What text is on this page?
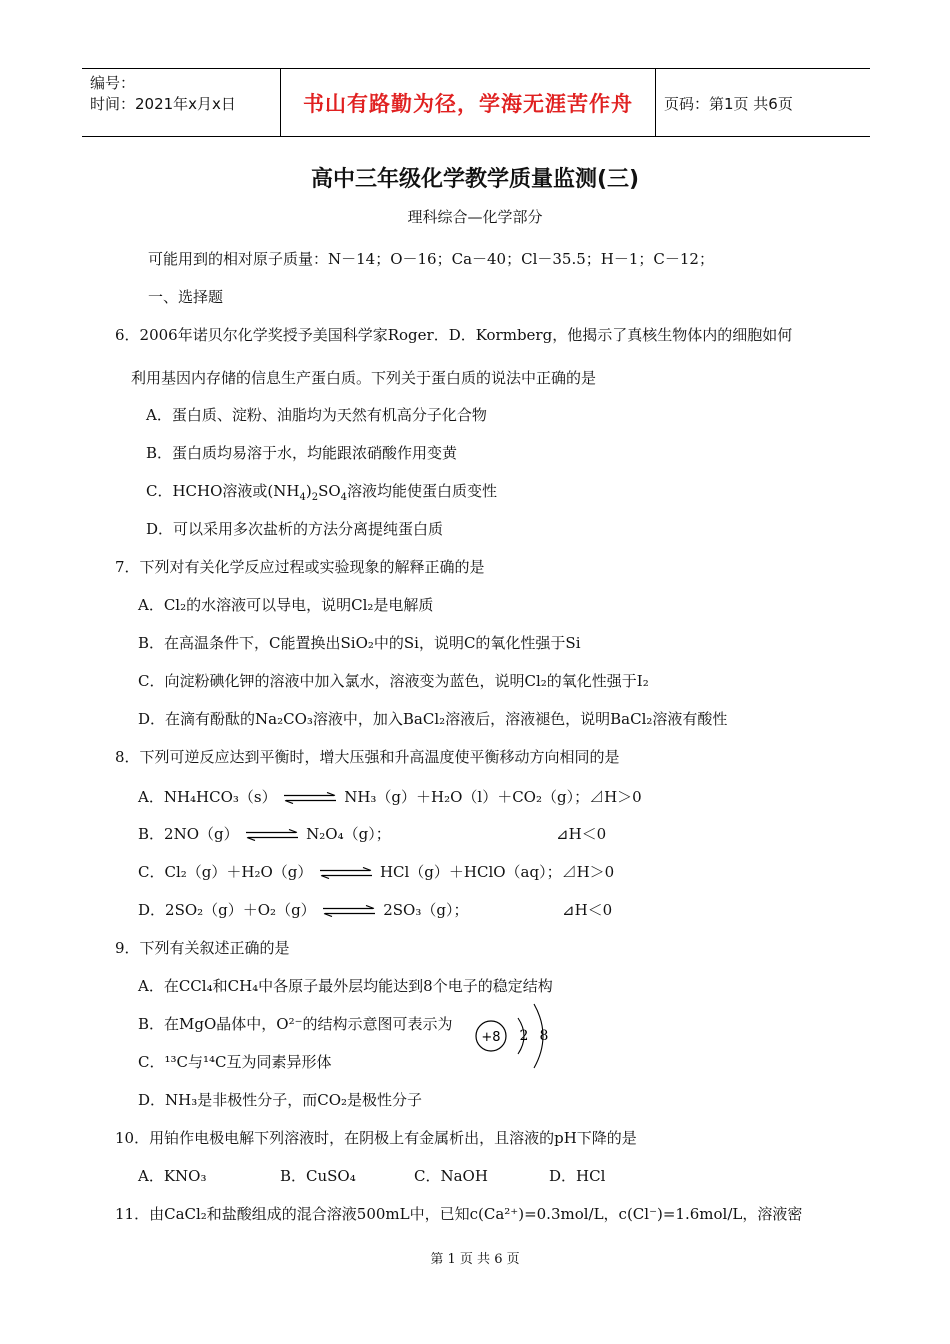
编号：
时间：2021年x月x日	书山有路勤为径，学海无涯苦作舟 页码：第1页 共6页
高中三年级化学教学质量监测(三)
理科综合—化学部分
可能用到的相对原子质量：N－14；O－16；Ca－40；Cl－35.5；H－1；C－12；
一、选择题
6．2006年诺贝尔化学奖授予美国科学家Roger．D．Kormberg，他揭示了真核生物体内的细胞如何
利用基因内存储的信息生产蛋白质。下列关于蛋白质的说法中正确的是
A．蛋白质、淀粉、油脂均为天然有机高分子化合物
B．蛋白质均易溶于水，均能跟浓硝酸作用变黄
C．HCHO溶液或$(NH_4)_2SO_4$溶液均能使蛋白质变性
D．可以采用多次盐析的方法分离提纯蛋白质
7．下列对有关化学反应过程或实验现象的解释正确的是
A．Cl₂的水溶液可以导电，说明Cl₂是电解质
B．在高温条件下，C能置换出SiO₂中的Si，说明C的氧化性强于Si
C．向淀粉碘化钾的溶液中加入氯水，溶液变为蓝色，说明Cl₂的氧化性强于I₂
D．在滴有酚酞的Na₂CO₃溶液中，加入BaCl₂溶液后，溶液褪色，说明BaCl₂溶液有酸性
8．下列可逆反应达到平衡时，增大压强和升高温度使平衡移动方向相同的是
A．NH₄HCO₃（s） ⇌ NH₃（g）＋H₂O（l）＋CO₂（g）；⊿H＞0
B．2NO（g） ⇌ N₂O₄（g）；	⊿H＜0
C．Cl₂（g）＋H₂O（g） ⇌ HCl（g）＋HClO（aq）；⊿H＞0
D．2SO₂（g）＋O₂（g） ⇌ 2SO₃（g）；	⊿H＜0
9．下列有关叙述正确的是
A．在CCl₄和CH₄中各原子最外层均能达到8个电子的稳定结构
B．在MgO晶体中，O²⁻的结构示意图可表示为
+8 2 8
C．¹³C与¹⁴C互为同素异形体
D．NH₃是非极性分子，而CO₂是极性分子
10．用铂作电极电解下列溶液时，在阴极上有金属析出，且溶液的pH下降的是
A．KNO₃	B．CuSO₄	C．NaOH	D．HCl
11．由CaCl₂和盐酸组成的混合溶液500mL中，已知c(Ca²⁺)=0.3mol/L，c(Cl⁻)=1.6mol/L，溶液密
第 1 页 共 6 页
